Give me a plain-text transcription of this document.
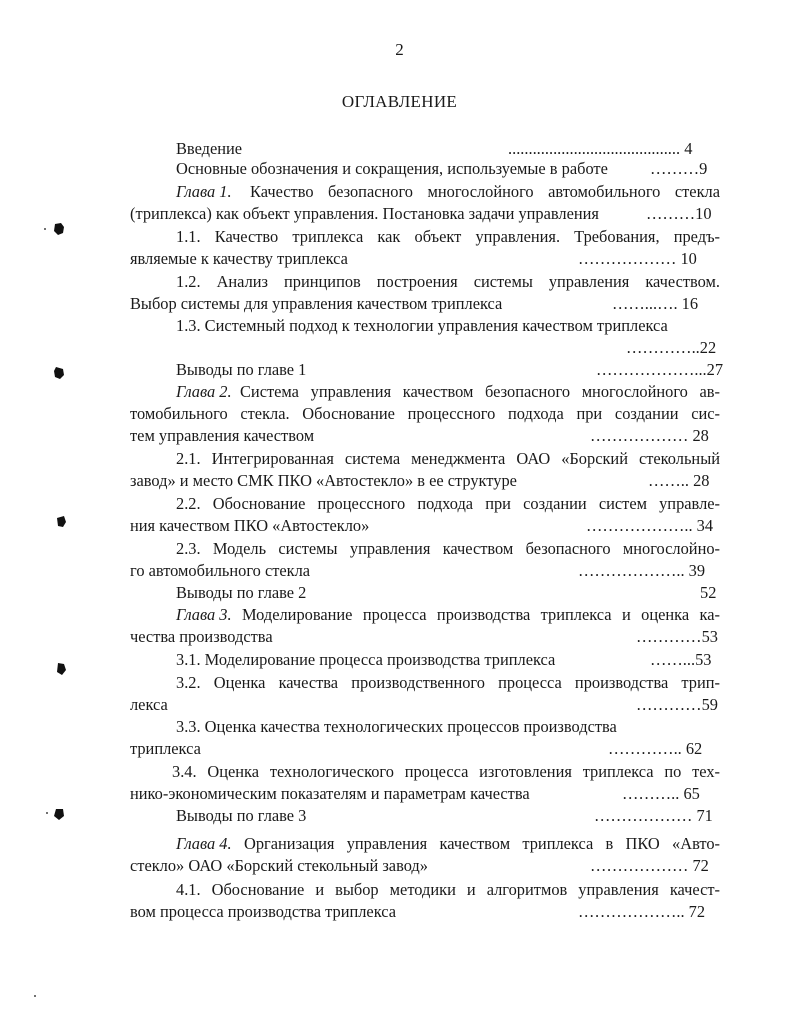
2
ОГЛАВЛЕНИЕ
Введение	.......................................... 4
Основные обозначения и сокращения, используемые в работе	………9
Глава 1. Качество безопасного многослойного автомобильного стекла
(триплекса) как объект управления. Постановка задачи управления	………10
1.1. Качество триплекса как объект управления. Требования, предъ-
являемые к качеству триплекса	……………… 10
1.2. Анализ принципов построения системы управления качеством.
Выбор системы для управления качеством триплекса	……...…. 16
1.3. Системный подход к технологии управления качеством триплекса
…………..22
Выводы по главе 1	………………...27
Глава 2. Система управления качеством безопасного многослойного ав-
томобильного стекла. Обоснование процессного подхода при создании сис-
тем управления качеством	……………… 28
2.1. Интегрированная система менеджмента ОАО «Борский стекольный
завод» и место СМК ПКО «Автостекло» в ее структуре	…….. 28
2.2. Обоснование процессного подхода при создании систем управле-
ния качеством ПКО «Автостекло»	……………….. 34
2.3. Модель системы управления качеством безопасного многослойно-
го автомобильного стекла	……………….. 39
Выводы по главе 2	52
Глава 3. Моделирование процесса производства триплекса и оценка ка-
чества производства	…………53
3.1. Моделирование процесса производства триплекса	……...53
3.2. Оценка качества производственного процесса производства трип-
лекса	…………59
3.3. Оценка качества технологических процессов производства
триплекса	………….. 62
3.4. Оценка технологического процесса изготовления триплекса по тех-
нико-экономическим показателям и параметрам качества	……….. 65
Выводы по главе 3	……………… 71
Глава 4. Организация управления качеством триплекса в ПКО «Авто-
стекло» ОАО «Борский стекольный завод»	……………… 72
4.1. Обоснование и выбор методики и алгоритмов управления качест-
вом процесса производства триплекса	……………….. 72
